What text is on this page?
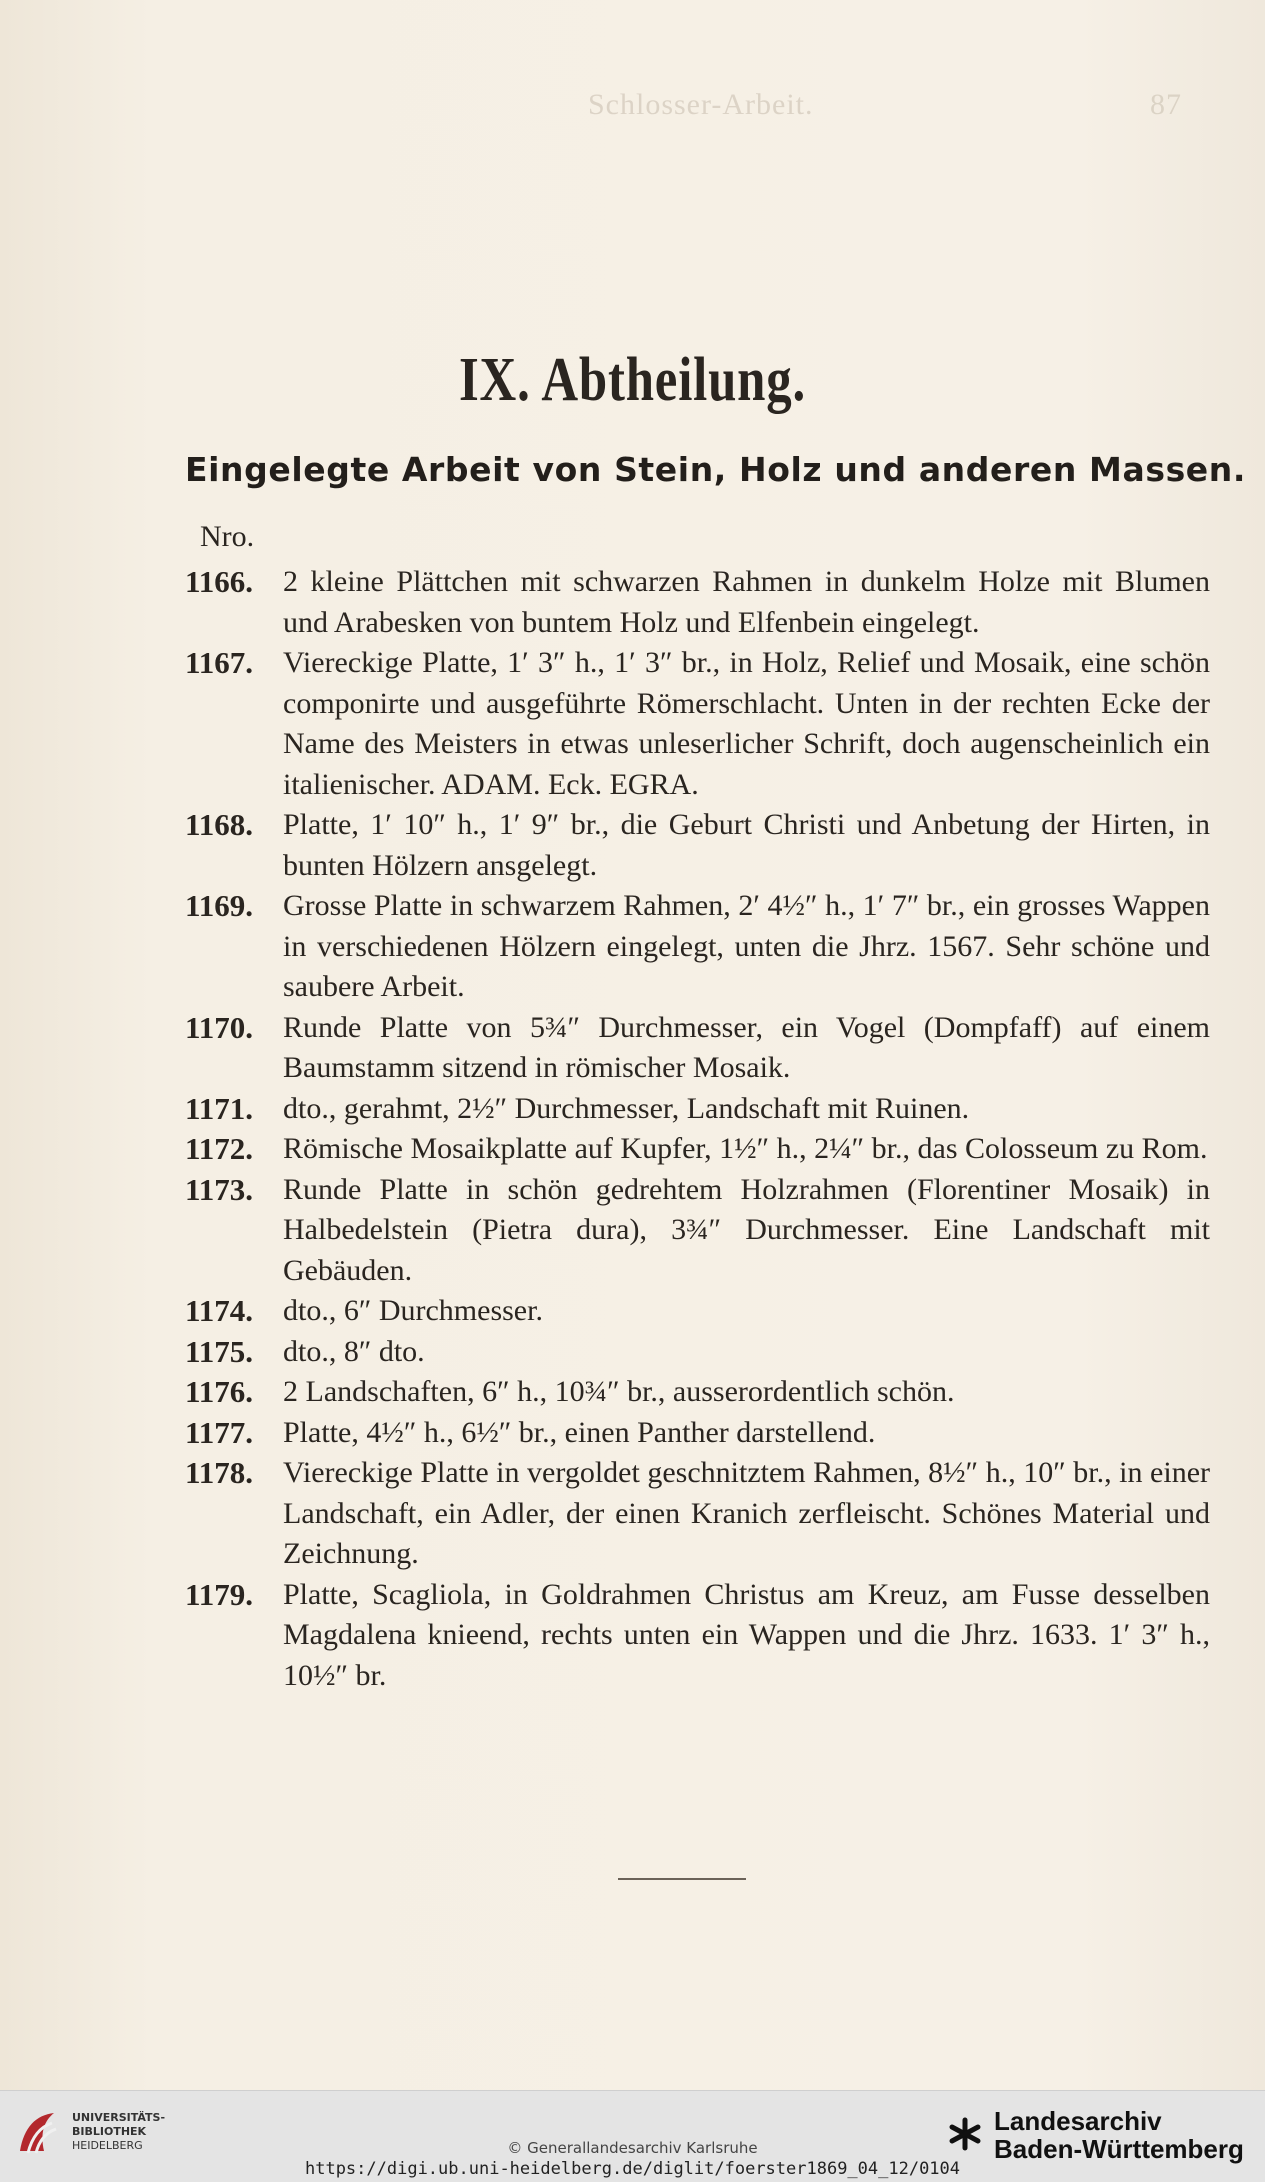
Schlosser-Arbeit.	87
IX. Abtheilung.
Eingelegte Arbeit von Stein, Holz und anderen Massen.
Nro.
1166. 2 kleine Plättchen mit schwarzen Rahmen in dunkelm Holze mit Blumen und Arabesken von buntem Holz und Elfenbein eingelegt.
1167. Viereckige Platte, 1′ 3″ h., 1′ 3″ br., in Holz, Relief und Mosaik, eine schön componirte und ausgeführte Römerschlacht. Unten in der rechten Ecke der Name des Meisters in etwas unleserlicher Schrift, doch augenscheinlich ein italienischer. ADAM. Eck. EGRA.
1168. Platte, 1′ 10″ h., 1′ 9″ br., die Geburt Christi und Anbetung der Hirten, in bunten Hölzern ansgelegt.
1169. Grosse Platte in schwarzem Rahmen, 2′ 4½″ h., 1′ 7″ br., ein grosses Wappen in verschiedenen Hölzern eingelegt, unten die Jhrz. 1567. Sehr schöne und saubere Arbeit.
1170. Runde Platte von 5¾″ Durchmesser, ein Vogel (Dompfaff) auf einem Baumstamm sitzend in römischer Mosaik.
1171. dto., gerahmt, 2½″ Durchmesser, Landschaft mit Ruinen.
1172. Römische Mosaikplatte auf Kupfer, 1½″ h., 2¼″ br., das Colosseum zu Rom.
1173. Runde Platte in schön gedrehtem Holzrahmen (Florentiner Mosaik) in Halbedelstein (Pietra dura), 3¾″ Durchmesser. Eine Landschaft mit Gebäuden.
1174. dto., 6″ Durchmesser.
1175. dto., 8″ dto.
1176. 2 Landschaften, 6″ h., 10¾″ br., ausserordentlich schön.
1177. Platte, 4½″ h., 6½″ br., einen Panther darstellend.
1178. Viereckige Platte in vergoldet geschnitztem Rahmen, 8½″ h., 10″ br., in einer Landschaft, ein Adler, der einen Kranich zerfleischt. Schönes Material und Zeichnung.
1179. Platte, Scagliola, in Goldrahmen Christus am Kreuz, am Fusse desselben Magdalena knieend, rechts unten ein Wappen und die Jhrz. 1633. 1′ 3″ h., 10½″ br.
UNIVERSITÄTS-
BIBLIOTHEK
HEIDELBERG	© Generallandesarchiv Karlsruhe
https://digi.ub.uni-heidelberg.de/diglit/foerster1869_04_12/0104
Landesarchiv
Baden-Württemberg
